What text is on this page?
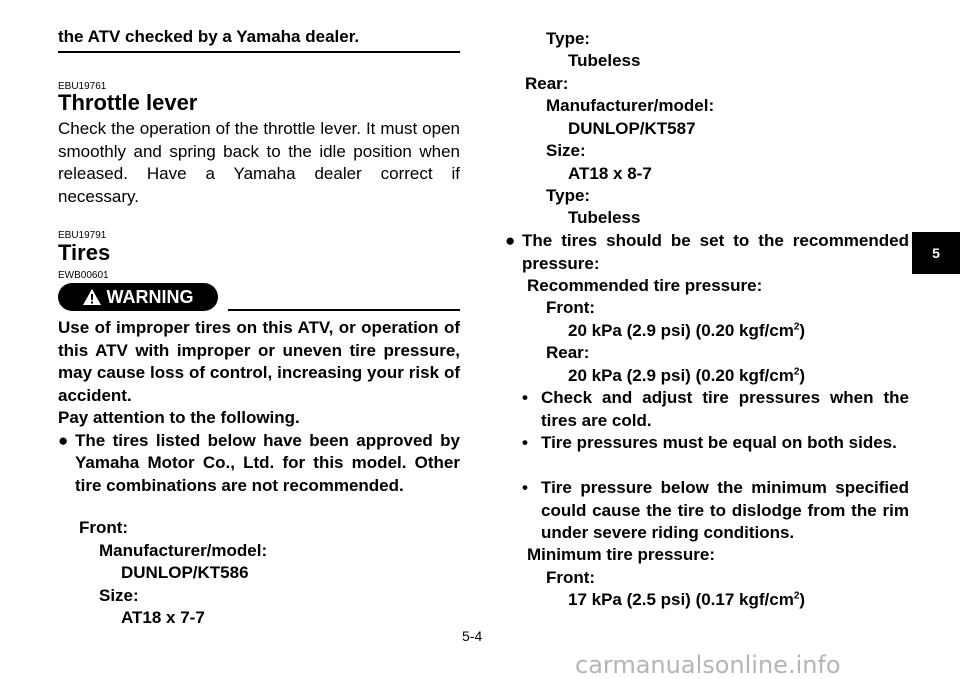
the ATV checked by a Yamaha dealer.
EBU19761
Throttle lever
Check the operation of the throttle lever. It must open smoothly and spring back to the idle position when released. Have a Yamaha dealer correct if necessary.
EBU19791
Tires
EWB00601
WARNING
Use of improper tires on this ATV, or operation of this ATV with improper or uneven tire pressure, may cause loss of control, increasing your risk of accident.
Pay attention to the following.
● The tires listed below have been approved by Yamaha Motor Co., Ltd. for this model. Other tire combinations are not recommended.
Front:
Manufacturer/model:
DUNLOP/KT586
Size:
AT18 x 7-7
Type:
Tubeless
Rear:
Manufacturer/model:
DUNLOP/KT587
Size:
AT18 x 8-7
Type:
Tubeless
● The tires should be set to the recommended pressure:
Recommended tire pressure:
Front:
20 kPa (2.9 psi) (0.20 kgf/$cm^2$)
Rear:
20 kPa (2.9 psi) (0.20 kgf/$cm^2$)
• Check and adjust tire pressures when the tires are cold.
• Tire pressures must be equal on both sides.
• Tire pressure below the minimum specified could cause the tire to dislodge from the rim under severe riding conditions.
Minimum tire pressure:
Front:
17 kPa (2.5 psi) (0.17 kgf/$cm^2$)
5-4
5
carmanualsonline.info
